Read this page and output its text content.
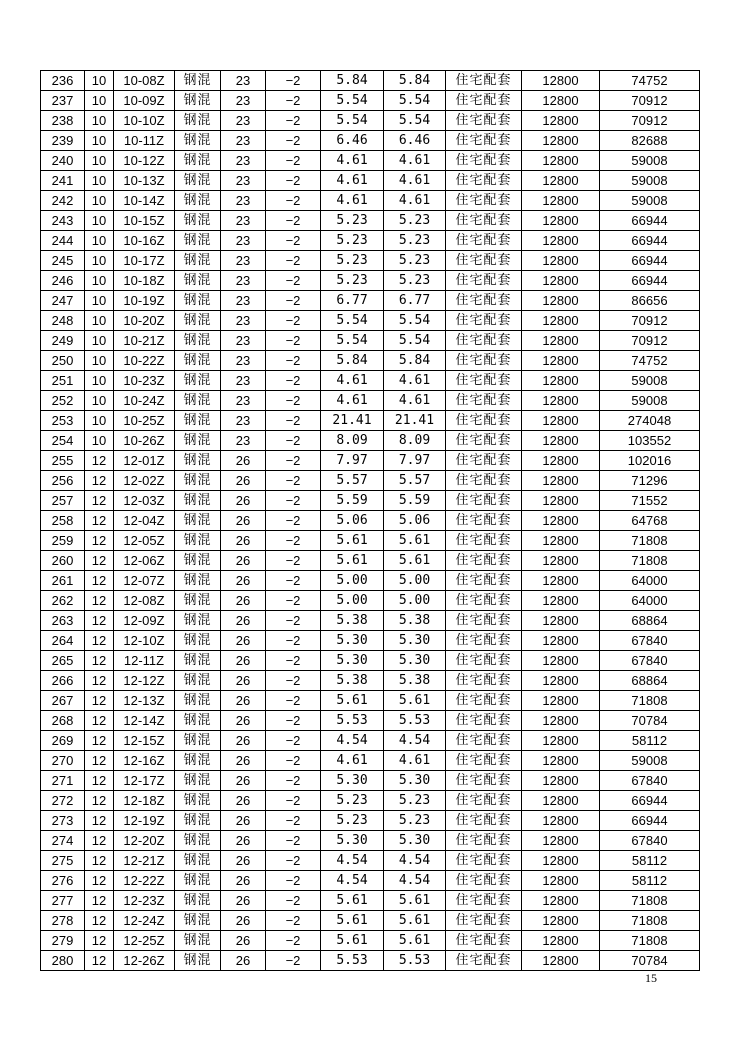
236	10	10-08Z	钢混	23	−2	5.84	5.84	住宅配套	12800	74752
237	10	10-09Z	钢混	23	−2	5.54	5.54	住宅配套	12800	70912
238	10	10-10Z	钢混	23	−2	5.54	5.54	住宅配套	12800	70912
239	10	10-11Z	钢混	23	−2	6.46	6.46	住宅配套	12800	82688
240	10	10-12Z	钢混	23	−2	4.61	4.61	住宅配套	12800	59008
241	10	10-13Z	钢混	23	−2	4.61	4.61	住宅配套	12800	59008
242	10	10-14Z	钢混	23	−2	4.61	4.61	住宅配套	12800	59008
243	10	10-15Z	钢混	23	−2	5.23	5.23	住宅配套	12800	66944
244	10	10-16Z	钢混	23	−2	5.23	5.23	住宅配套	12800	66944
245	10	10-17Z	钢混	23	−2	5.23	5.23	住宅配套	12800	66944
246	10	10-18Z	钢混	23	−2	5.23	5.23	住宅配套	12800	66944
247	10	10-19Z	钢混	23	−2	6.77	6.77	住宅配套	12800	86656
248	10	10-20Z	钢混	23	−2	5.54	5.54	住宅配套	12800	70912
249	10	10-21Z	钢混	23	−2	5.54	5.54	住宅配套	12800	70912
250	10	10-22Z	钢混	23	−2	5.84	5.84	住宅配套	12800	74752
251	10	10-23Z	钢混	23	−2	4.61	4.61	住宅配套	12800	59008
252	10	10-24Z	钢混	23	−2	4.61	4.61	住宅配套	12800	59008
253	10	10-25Z	钢混	23	−2	21.41	21.41	住宅配套	12800	274048
254	10	10-26Z	钢混	23	−2	8.09	8.09	住宅配套	12800	103552
255	12	12-01Z	钢混	26	−2	7.97	7.97	住宅配套	12800	102016
256	12	12-02Z	钢混	26	−2	5.57	5.57	住宅配套	12800	71296
257	12	12-03Z	钢混	26	−2	5.59	5.59	住宅配套	12800	71552
258	12	12-04Z	钢混	26	−2	5.06	5.06	住宅配套	12800	64768
259	12	12-05Z	钢混	26	−2	5.61	5.61	住宅配套	12800	71808
260	12	12-06Z	钢混	26	−2	5.61	5.61	住宅配套	12800	71808
261	12	12-07Z	钢混	26	−2	5.00	5.00	住宅配套	12800	64000
262	12	12-08Z	钢混	26	−2	5.00	5.00	住宅配套	12800	64000
263	12	12-09Z	钢混	26	−2	5.38	5.38	住宅配套	12800	68864
264	12	12-10Z	钢混	26	−2	5.30	5.30	住宅配套	12800	67840
265	12	12-11Z	钢混	26	−2	5.30	5.30	住宅配套	12800	67840
266	12	12-12Z	钢混	26	−2	5.38	5.38	住宅配套	12800	68864
267	12	12-13Z	钢混	26	−2	5.61	5.61	住宅配套	12800	71808
268	12	12-14Z	钢混	26	−2	5.53	5.53	住宅配套	12800	70784
269	12	12-15Z	钢混	26	−2	4.54	4.54	住宅配套	12800	58112
270	12	12-16Z	钢混	26	−2	4.61	4.61	住宅配套	12800	59008
271	12	12-17Z	钢混	26	−2	5.30	5.30	住宅配套	12800	67840
272	12	12-18Z	钢混	26	−2	5.23	5.23	住宅配套	12800	66944
273	12	12-19Z	钢混	26	−2	5.23	5.23	住宅配套	12800	66944
274	12	12-20Z	钢混	26	−2	5.30	5.30	住宅配套	12800	67840
275	12	12-21Z	钢混	26	−2	4.54	4.54	住宅配套	12800	58112
276	12	12-22Z	钢混	26	−2	4.54	4.54	住宅配套	12800	58112
277	12	12-23Z	钢混	26	−2	5.61	5.61	住宅配套	12800	71808
278	12	12-24Z	钢混	26	−2	5.61	5.61	住宅配套	12800	71808
279	12	12-25Z	钢混	26	−2	5.61	5.61	住宅配套	12800	71808
280	12	12-26Z	钢混	26	−2	5.53	5.53	住宅配套	12800	70784
15
